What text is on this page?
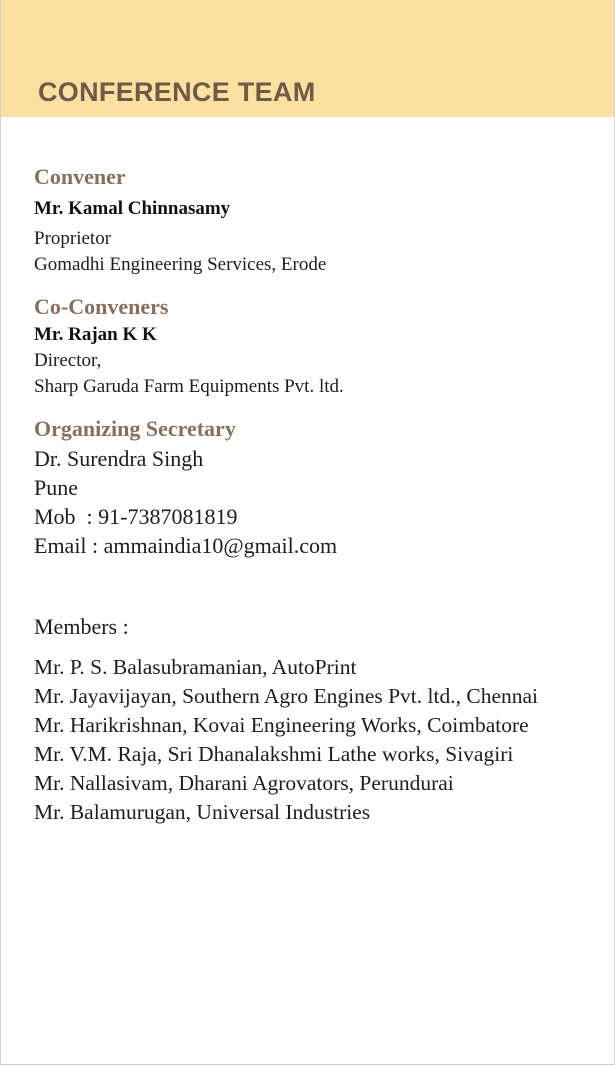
CONFERENCE TEAM
Convener
Mr. Kamal Chinnasamy
Proprietor
Gomadhi Engineering Services, Erode
Co-Conveners
Mr. Rajan K K
Director,
Sharp Garuda Farm Equipments Pvt. ltd.
Organizing Secretary
Dr. Surendra Singh
Pune
Mob  : 91-7387081819
Email : ammaindia10@gmail.com
Members :
Mr. P. S. Balasubramanian, AutoPrint
Mr. Jayavijayan, Southern Agro Engines Pvt. ltd., Chennai
Mr. Harikrishnan, Kovai Engineering Works, Coimbatore
Mr. V.M. Raja, Sri Dhanalakshmi Lathe works, Sivagiri
Mr. Nallasivam, Dharani Agrovators, Perundurai
Mr. Balamurugan, Universal Industries
